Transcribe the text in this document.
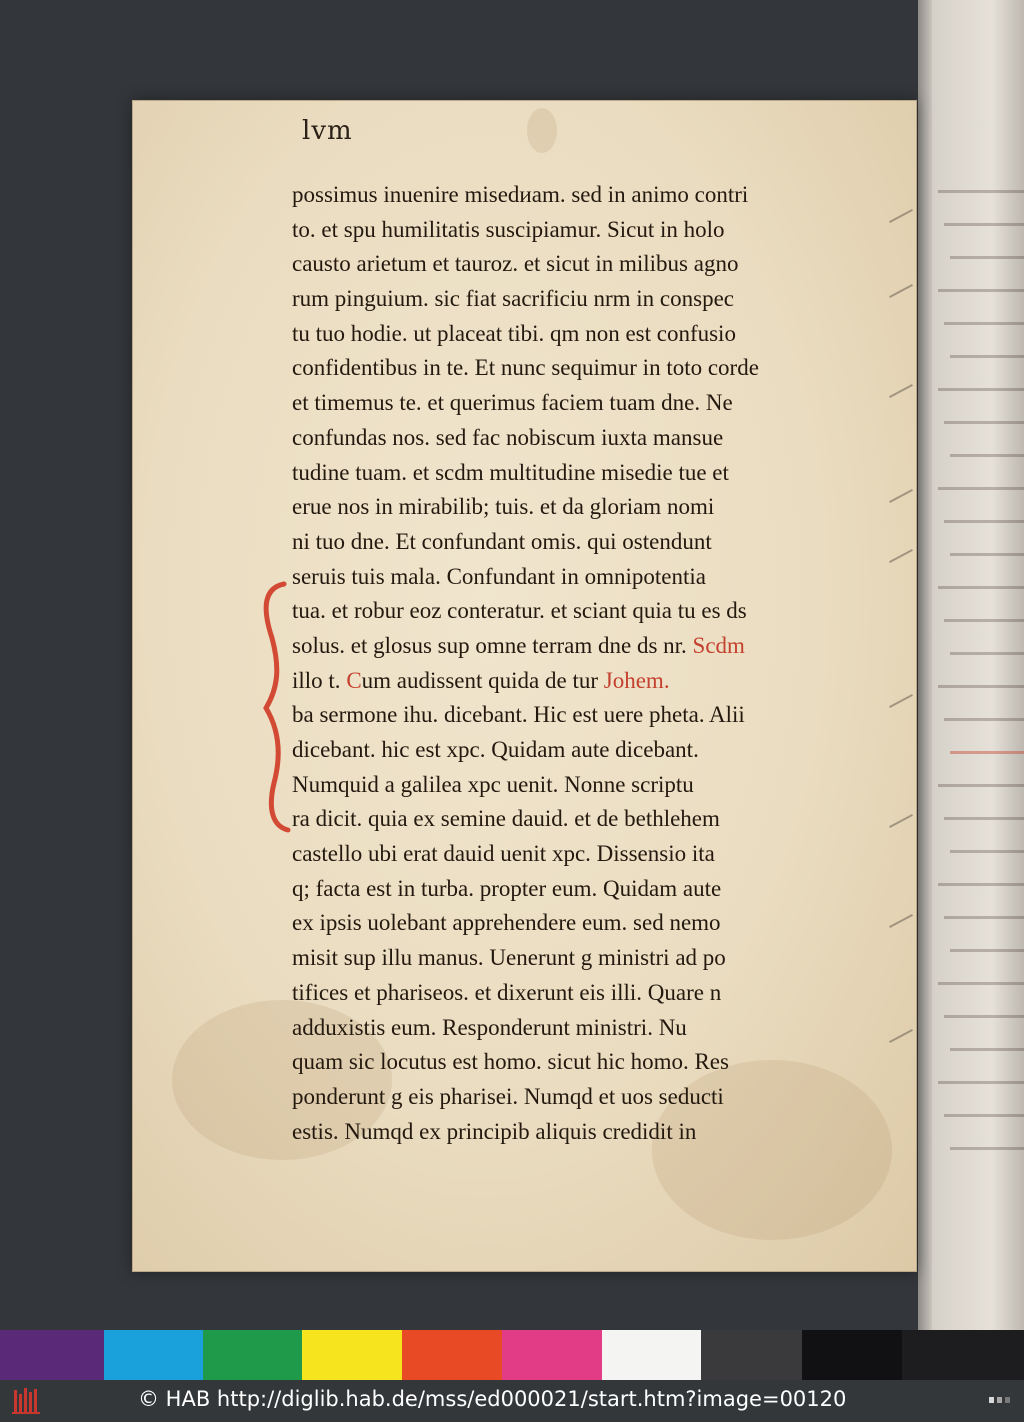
lvm
possimus inuenire misedиam. sed in animo contri
to. et spu humilitatis suscipiamur. Sicut in holo
causto arietum et tauroz. et sicut in milibus agno
rum pinguium. sic fiat sacrificiu nrm in conspec
tu tuo hodie. ut placeat tibi. qm non est confusio
confidentibus in te. Et nunc sequimur in toto corde
et timemus te. et querimus faciem tuam dne. Ne
confundas nos. sed fac nobiscum iuxta mansue
tudine tuam. et scdm multitudine misedie tue et
erue nos in mirabilib; tuis. et da gloriam nomi
ni tuo dne. Et confundant omis. qui ostendunt
seruis tuis mala. Confundant in omnipotentia
tua. et robur eoz conteratur. et sciant quia tu es ds
solus. et glosus sup omne terram dne ds nr. Scdm
illo t. Cum audissent quida de tur Johem.
ba sermone ihu. dicebant. Hic est uere pheta. Alii
dicebant. hic est xpc. Quidam aute dicebant.
Numquid a galilea xpc uenit. Nonne scriptu
ra dicit. quia ex semine dauid. et de bethlehem
castello ubi erat dauid uenit xpc. Dissensio ita
q; facta est in turba. propter eum. Quidam aute
ex ipsis uolebant apprehendere eum. sed nemo
misit sup illu manus. Uenerunt g ministri ad po
tifices et phariseos. et dixerunt eis illi. Quare n
adduxistis eum. Responderunt ministri. Nu
quam sic locutus est homo. sicut hic homo. Res
ponderunt g eis pharisei. Numqd et uos seducti
estis. Numqd ex principib aliquis credidit in
© HAB http://diglib.hab.de/mss/ed000021/start.htm?image=00120
